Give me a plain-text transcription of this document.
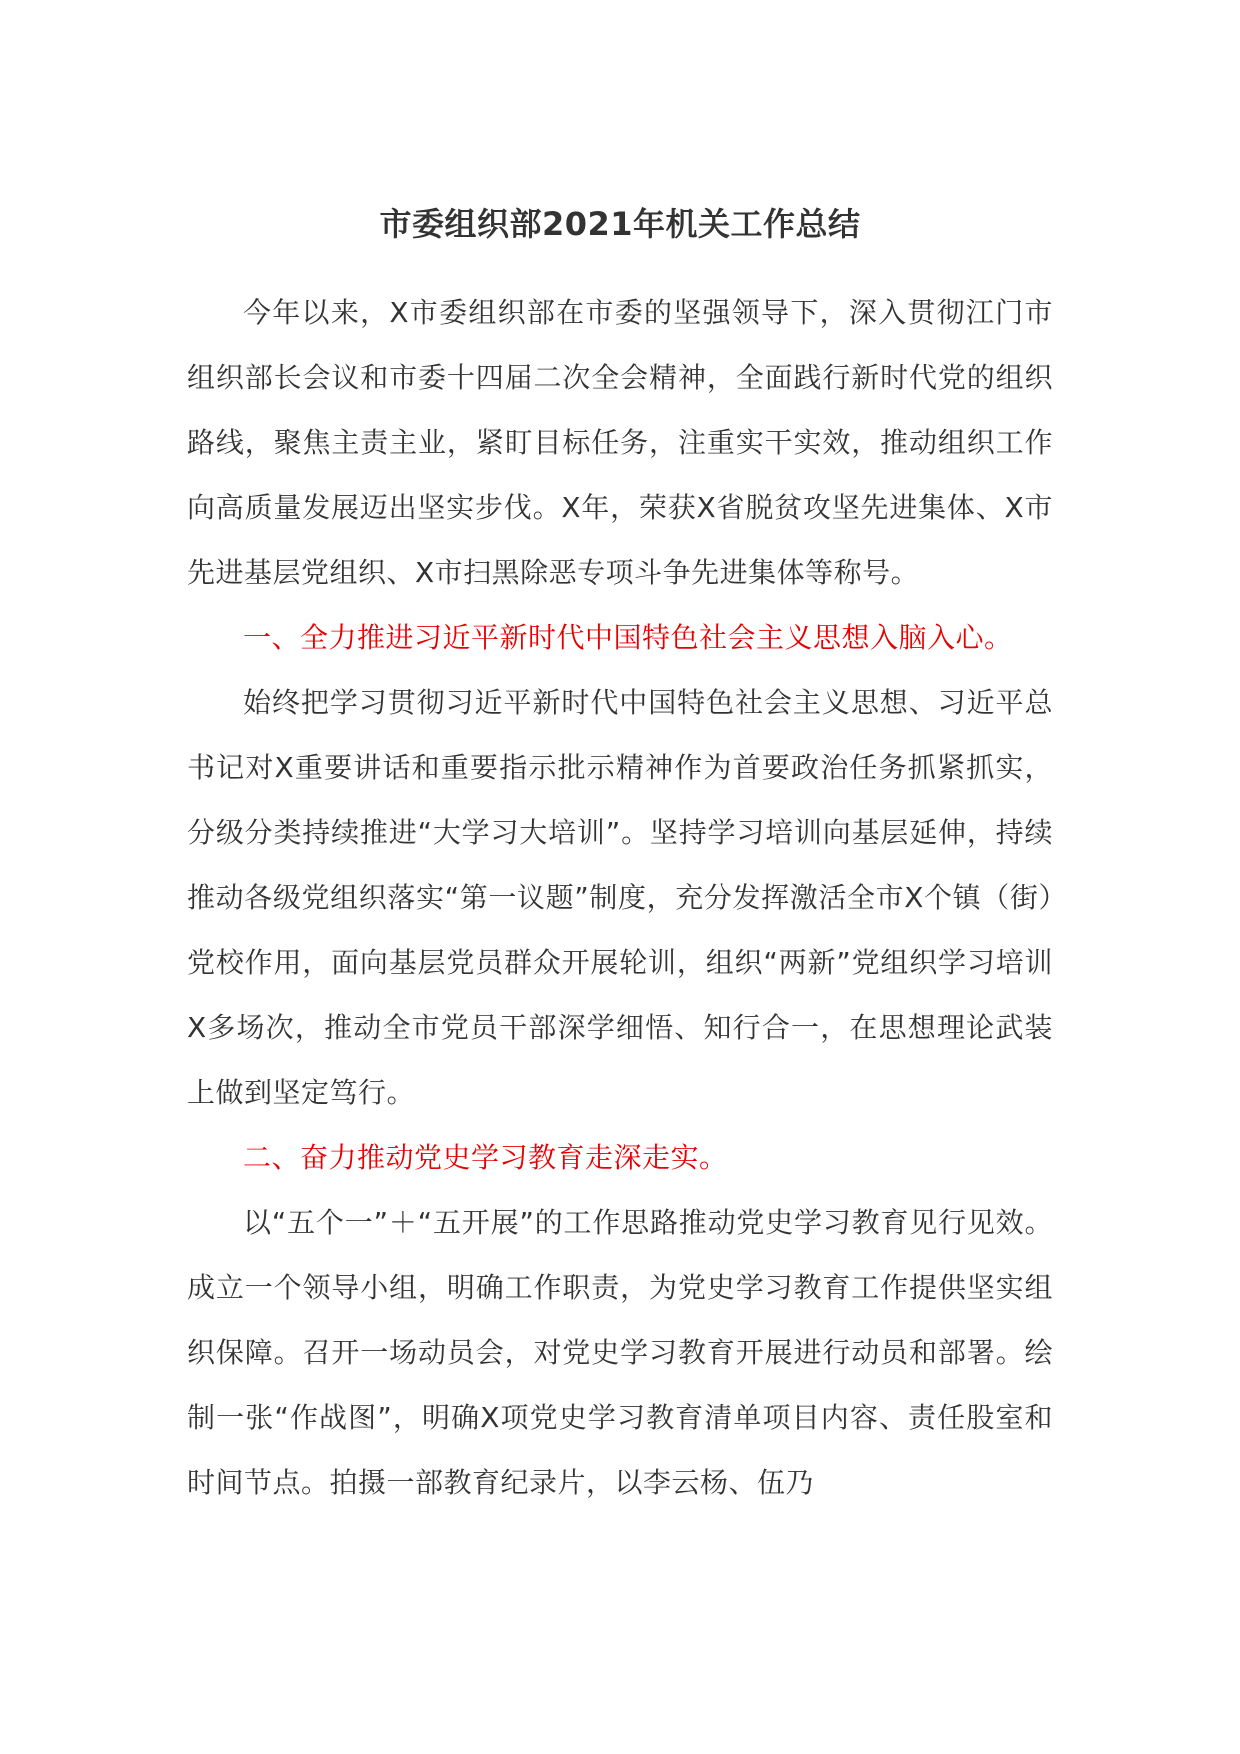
市委组织部2021年机关工作总结

今年以来，X市委组织部在市委的坚强领导下，深入贯彻江门市组织部长会议和市委十四届二次全会精神，全面践行新时代党的组织路线，聚焦主责主业，紧盯目标任务，注重实干实效，推动组织工作向高质量发展迈出坚实步伐。X年，荣获X省脱贫攻坚先进集体、X市先进基层党组织、X市扫黑除恶专项斗争先进集体等称号。

一、全力推进习近平新时代中国特色社会主义思想入脑入心。

始终把学习贯彻习近平新时代中国特色社会主义思想、习近平总书记对X重要讲话和重要指示批示精神作为首要政治任务抓紧抓实，分级分类持续推进“大学习大培训”。坚持学习培训向基层延伸，持续推动各级党组织落实“第一议题”制度，充分发挥激活全市X个镇（街）党校作用，面向基层党员群众开展轮训，组织“两新”党组织学习培训X多场次，推动全市党员干部深学细悟、知行合一，在思想理论武装上做到坚定笃行。

二、奋力推动党史学习教育走深走实。

以“五个一”＋“五开展”的工作思路推动党史学习教育见行见效。成立一个领导小组，明确工作职责，为党史学习教育工作提供坚实组织保障。召开一场动员会，对党史学习教育开展进行动员和部署。绘制一张“作战图”，明确X项党史学习教育清单项目内容、责任股室和时间节点。拍摄一部教育纪录片，以李云杨、伍乃
